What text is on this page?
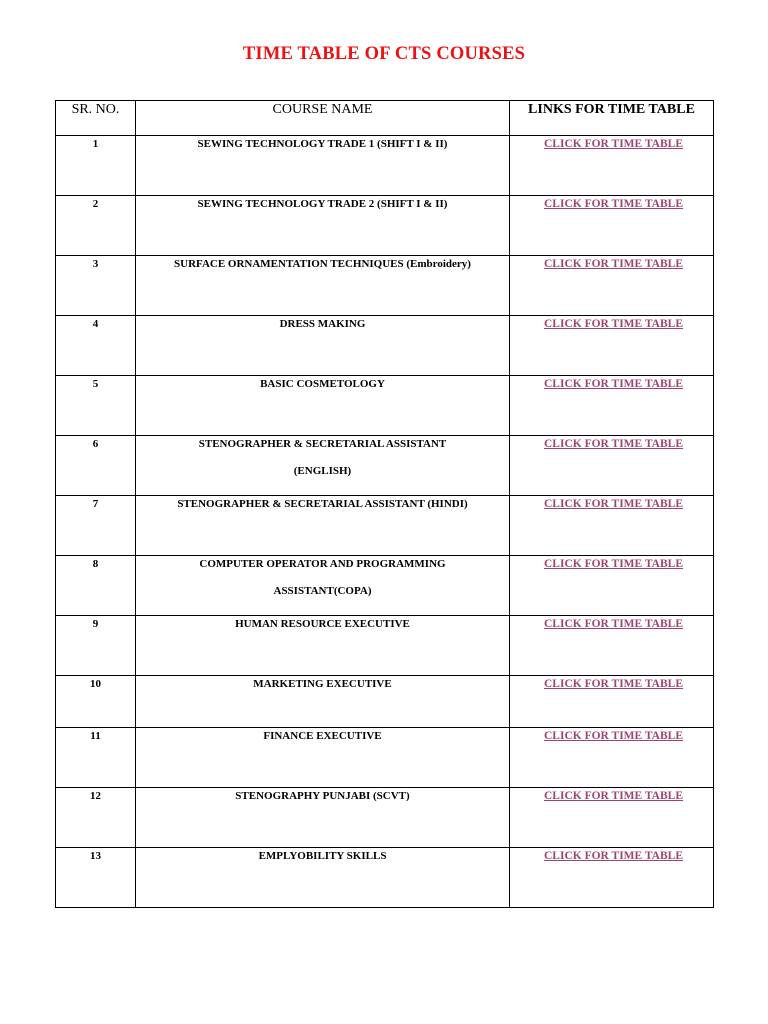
TIME TABLE OF CTS COURSES
SR. NO.	COURSE NAME	LINKS FOR TIME TABLE
1	SEWING TECHNOLOGY TRADE 1 (SHIFT I & II)	CLICK FOR TIME TABLE
2	SEWING TECHNOLOGY TRADE 2 (SHIFT I & II)	CLICK FOR TIME TABLE
3	SURFACE ORNAMENTATION TECHNIQUES (Embroidery)	CLICK FOR TIME TABLE
4	DRESS MAKING	CLICK FOR TIME TABLE
5	BASIC COSMETOLOGY	CLICK FOR TIME TABLE
6	STENOGRAPHER & SECRETARIAL ASSISTANT
(ENGLISH)	CLICK FOR TIME TABLE
7	STENOGRAPHER & SECRETARIAL ASSISTANT (HINDI)	CLICK FOR TIME TABLE
8	COMPUTER OPERATOR AND PROGRAMMING
ASSISTANT(COPA)	CLICK FOR TIME TABLE
9	HUMAN RESOURCE EXECUTIVE	CLICK FOR TIME TABLE
10	MARKETING EXECUTIVE	CLICK FOR TIME TABLE
11	FINANCE EXECUTIVE	CLICK FOR TIME TABLE
12	STENOGRAPHY PUNJABI (SCVT)	CLICK FOR TIME TABLE
13	EMPLYOBILITY SKILLS	CLICK FOR TIME TABLE
